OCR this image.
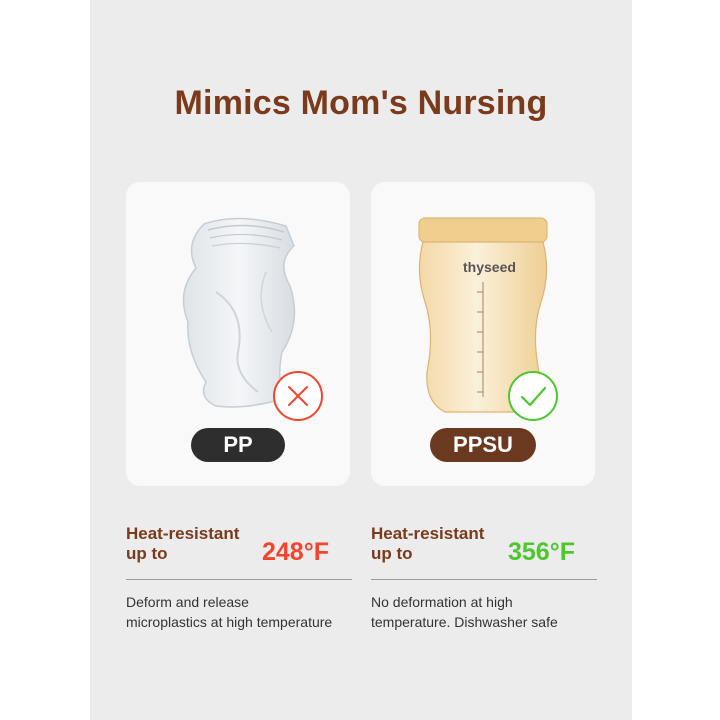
Mimics Mom's Nursing
PP
thyseed
PPSU
Heat-resistant
up to	248°F
Deform and release
microplastics at high temperature
Heat-resistant
up to	356°F
No deformation at high
temperature. Dishwasher safe
